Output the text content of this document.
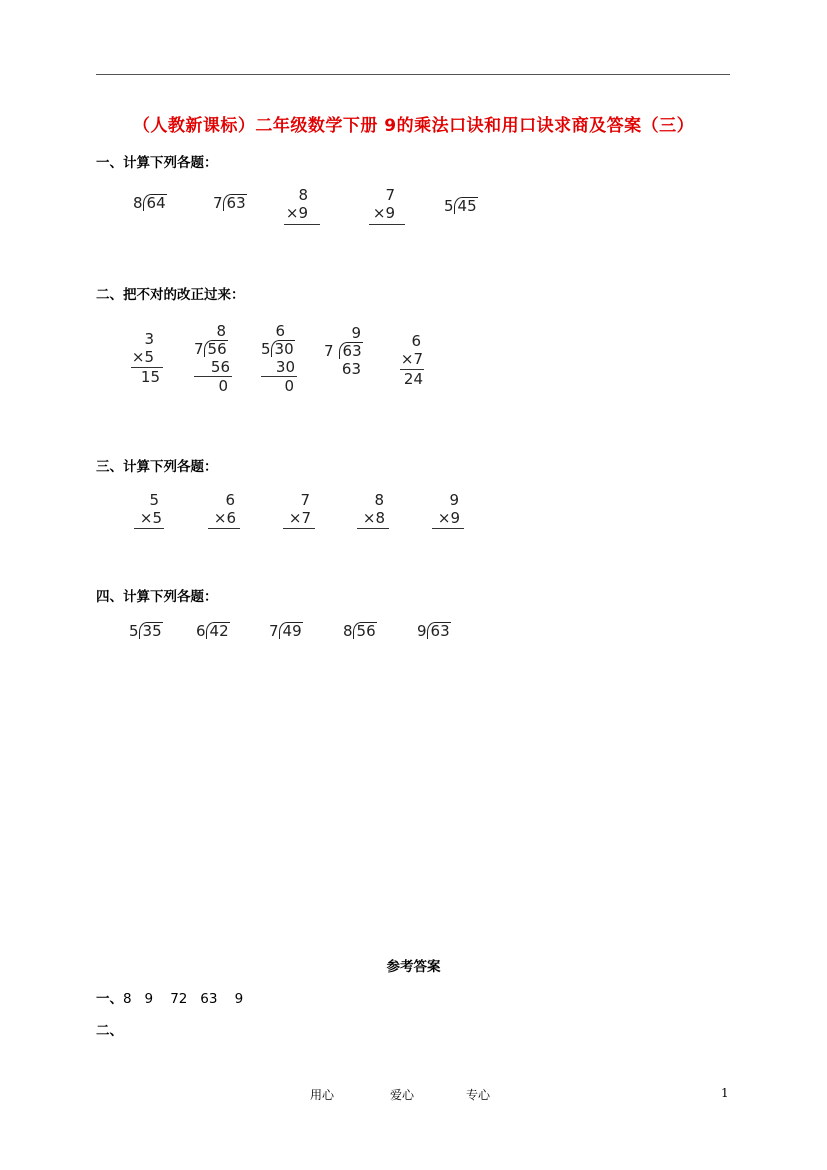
（人教新课标）二年级数学下册 9的乘法口诀和用口诀求商及答案（三）
一、计算下列各题：
8 64	7 63	8
×9
7
×9	5 45
二、把不对的改正过来：
3
×5
15
8
7 56
56
0
6
5 30
30
0
9
7 63
63
6
×7
24
三、计算下列各题：
5
×5
6
×6
7
×7
8
×8
9
×9
四、计算下列各题：
5 35 6 42	7 49	8 56	9 63
参考答案
一、8   9    72   63    9
二、
用心	爱心	专心	1
